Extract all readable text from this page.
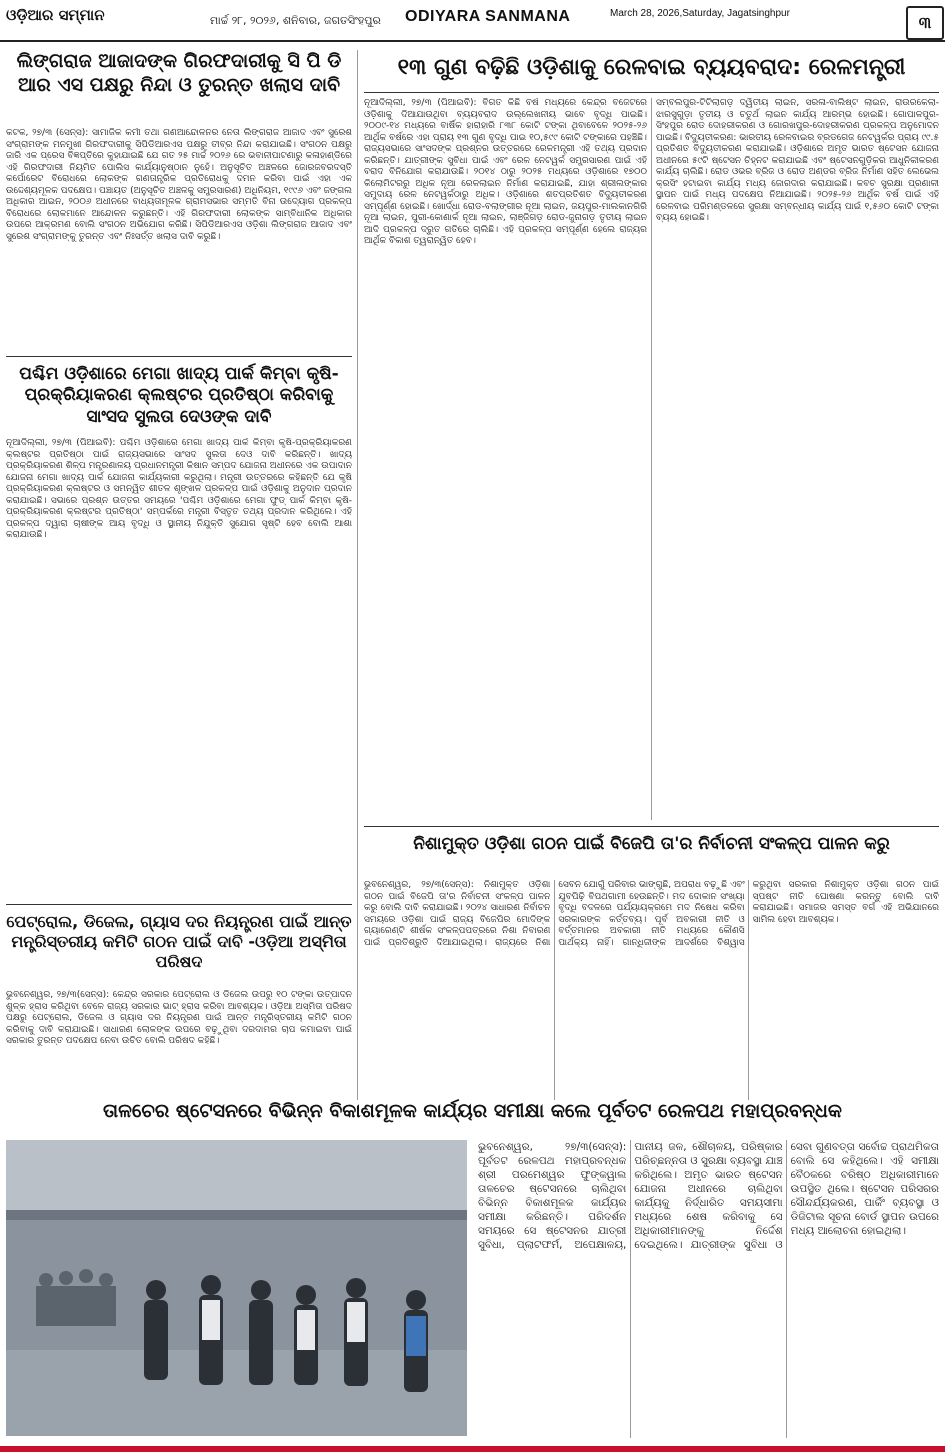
ଓଡ଼ିଆର ସମ୍ମାନ	ମାର୍ଚ୍ଚ ୨୮, ୨୦୨୬, ଶନିବାର, ଜଗତସିଂହପୁର ODIYARA SANMANA	March 28, 2026,Saturday, Jagatsinghpur	୩
ଲିଙ୍ଗରାଜ ଆଜାଦଙ୍କ ଗିରଫଦାରୀକୁ ସି ପି ଡି ଆର ଏସ ପକ୍ଷରୁ ନିନ୍ଦା ଓ ତୁରନ୍ତ ଖଲାସ ଦାବି
କଟକ, ୨୭/୩ (ସେନ୍ସ): ସାମାଜିକ କର୍ମୀ ତଥା ଗଣଆନ୍ଦୋଳନର ନେତା ଲିଙ୍ଗରାଜ ଆଜାଦ ଏବଂ ସୁରେଶ ସଂଗ୍ରାମଙ୍କ ମନମୁଖୀ ଗିରଫଦାରୀକୁ ସିପିଡିଆରଏସ ପକ୍ଷରୁ ତୀବ୍ର ନିନ୍ଦା କରାଯାଇଛି। ସଂଗଠନ ପକ୍ଷରୁ ଜାରି ଏକ ପ୍ରେସ ବିଜ୍ଞପ୍ତିରେ କୁହାଯାଇଛି ଯେ ଗତ ୨୫ ମାର୍ଚ୍ଚ ୨୦୨୬ ରେ ଭବାନୀପାଟଣାରୁ କଳାହାଣ୍ଡିରେ ଏହି ଗିରଫଦାରୀ ନିୟମିତ ପୋଲିସ କାର୍ଯ୍ୟାନୁଷ୍ଠାନ ନୁହେଁ। ଅନୁସୂଚିତ ଅଞ୍ଚଳରେ ଜୋରଜବରଦସ୍ତି କର୍ପୋରେଟ ବିରୋଧରେ ଲୋକଙ୍କ ଗଣତାନ୍ତ୍ରିକ ପ୍ରତିରୋଧକୁ ଦମନ କରିବା ପାଇଁ ଏହା ଏକ ଉଦ୍ଦେଶ୍ୟମୂଳକ ପଦକ୍ଷେପ। ପଞ୍ଚାୟତ (ଅନୁସୂଚିତ ଅଞ୍ଚଳକୁ ସମ୍ପ୍ରସାରଣ) ଅଧିନିୟମ, ୧୯୯୬ ଏବଂ ଜଙ୍ଗଲ ଅଧିକାର ଆଇନ, ୨୦୦୬ ଅଧୀନରେ ବାଧ୍ୟତାମୂଳକ ଗ୍ରାମସଭାର ସମ୍ମତି ବିନା ଉଦ୍ୟୋଗ ପ୍ରକଳ୍ପ ବିରୋଧରେ ଲୋକମାନେ ଆନ୍ଦୋଳନ କରୁଛନ୍ତି। ଏହି ଗିରଫଦାରୀ ଲୋକଙ୍କ ସାମ୍ବିଧାନିକ ଅଧିକାର ଉପରେ ଆକ୍ରମଣ ବୋଲି ସଂଗଠନ ଅଭିଯୋଗ କରିଛି। ସିପିଡିଆରଏସ ଓଡ଼ିଶା ଲିଙ୍ଗରାଜ ଆଜାଦ ଏବଂ ସୁରେଶ ସଂଗ୍ରାମଙ୍କୁ ତୁରନ୍ତ ଏବଂ ନିଃସର୍ତ୍ତ ଖଲାସ ଦାବି କରୁଛି।
ପଶ୍ଚିମ ଓଡ଼ିଶାରେ ମେଗା ଖାଦ୍ୟ ପାର୍କ କିମ୍ବା କୃଷି-ପ୍ରକ୍ରିୟାକରଣ କ୍ଲଷ୍ଟର ପ୍ରତିଷ୍ଠା କରିବାକୁ ସାଂସଦ ସୁଲତା ଦେଓଙ୍କ ଦାବି
ନୂଆଦିଲ୍ଲୀ, ୨୭/୩ (ପିଆଇବି): ପଶ୍ଚିମ ଓଡ଼ିଶାରେ ମେଗା ଖାଦ୍ୟ ପାର୍କ କିମ୍ବା କୃଷି-ପ୍ରକ୍ରିୟାକରଣ କ୍ଲଷ୍ଟର ପ୍ରତିଷ୍ଠା ପାଇଁ ରାଜ୍ୟସଭାରେ ସାଂସଦ ସୁଲତା ଦେଓ ଦାବି କରିଛନ୍ତି। ଖାଦ୍ୟ ପ୍ରକ୍ରିୟାକରଣ ଶିଳ୍ପ ମନ୍ତ୍ରଣାଳୟ ପ୍ରଧାନମନ୍ତ୍ରୀ କିଷାନ ସମ୍ପଦ ଯୋଜନା ଅଧୀନରେ ଏକ ଉପାଦାନ ଯୋଜନା ମେଗା ଖାଦ୍ୟ ପାର୍କ ଯୋଜନା କାର୍ଯ୍ୟକାରୀ କରୁଥିଲା। ମନ୍ତ୍ରୀ ଉତ୍ତରରେ କହିଛନ୍ତି ଯେ କୃଷି ପ୍ରକ୍ରିୟାକରଣ କ୍ଲଷ୍ଟର ଓ ସମନ୍ୱିତ ଶୀତଳ ଶୃଙ୍ଖଳ ପ୍ରକଳ୍ପ ପାଇଁ ଓଡ଼ିଶାକୁ ଅନୁଦାନ ପ୍ରଦାନ କରାଯାଇଛି। ସଭାରେ ପ୍ରଶ୍ନ ଉତ୍ତର ସମୟରେ 'ପଶ୍ଚିମ ଓଡ଼ିଶାରେ ମେଗା ଫୁଡ୍ ପାର୍କ କିମ୍ବା କୃଷି-ପ୍ରକ୍ରିୟାକରଣ କ୍ଲଷ୍ଟର ପ୍ରତିଷ୍ଠା' ସମ୍ପର୍କରେ ମନ୍ତ୍ରୀ ବିସ୍ତୃତ ତଥ୍ୟ ପ୍ରଦାନ କରିଥିଲେ। ଏହି ପ୍ରକଳ୍ପ ଦ୍ୱାରା ଚାଷୀଙ୍କ ଆୟ ବୃଦ୍ଧି ଓ ସ୍ଥାନୀୟ ନିଯୁକ୍ତି ସୁଯୋଗ ସୃଷ୍ଟି ହେବ ବୋଲି ଆଶା କରାଯାଉଛି।
ପେଟ୍ରୋଲ, ଡିଜେଲ, ଗ୍ୟାସ ଦର ନିୟନ୍ତ୍ରଣ ପାଇଁ ଆନ୍ତ ମନ୍ତ୍ରିସ୍ତରୀୟ କମିଟି ଗଠନ ପାଇଁ ଦାବି -ଓଡ଼ିଆ ଅସ୍ମିତା ପରିଷଦ
ଭୁବନେଶ୍ୱର, ୨୭/୩(ସେନ୍ସ): କେନ୍ଦ୍ର ସରକାର ପେଟ୍ରୋଲ ଓ ଡିଜେଲ ଉପରୁ ୧୦ ଟଙ୍କା ଉତ୍ପାଦନ ଶୁଳ୍କ ହ୍ରାସ କରିଥିବା ବେଳେ ରାଜ୍ୟ ସରକାର ଭାଟ୍ ହ୍ରାସ କରିବା ଆବଶ୍ୟକ। ଓଡ଼ିଆ ଅସ୍ମିତା ପରିଷଦ ପକ୍ଷରୁ ପେଟ୍ରୋଲ, ଡିଜେଲ ଓ ଗ୍ୟାସ ଦର ନିୟନ୍ତ୍ରଣ ପାଇଁ ଆନ୍ତ ମନ୍ତ୍ରିସ୍ତରୀୟ କମିଟି ଗଠନ କରିବାକୁ ଦାବି କରାଯାଇଛି। ସାଧାରଣ ଲୋକଙ୍କ ଉପରେ ବଢ଼ୁଥିବା ଦରଦାମର ଚାପ କମାଇବା ପାଇଁ ସରକାର ତୁରନ୍ତ ପଦକ୍ଷେପ ନେବା ଉଚିତ ବୋଲି ପରିଷଦ କହିଛି।
୧୩ ଗୁଣ ବଢ଼ିଛି ଓଡ଼ିଶାକୁ ରେଳବାଇ ବ୍ୟୟବରାଦ: ରେଳମନ୍ତ୍ରୀ
ନୂଆଦିଲ୍ଲୀ, ୨୭/୩ (ପିଆଇବି): ବିଗତ କିଛି ବର୍ଷ ମଧ୍ୟରେ କେନ୍ଦ୍ର ବଜେଟରେ ଓଡ଼ିଶାକୁ ଦିଆଯାଉଥିବା ବ୍ୟୟବରାଦ ଉଲ୍ଲେଖନୀୟ ଭାବେ ବୃଦ୍ଧି ପାଇଛି। ୨୦୦୯-୧୪ ମଧ୍ୟରେ ବାର୍ଷିକ ହାରାହାରି ୮୩୮ କୋଟି ଟଙ୍କା ଥିବାବେଳେ ୨୦୨୫-୨୬ ଆର୍ଥିକ ବର୍ଷରେ ଏହା ପ୍ରାୟ ୧୩ ଗୁଣ ବୃଦ୍ଧି ପାଇ ୧୦,୫୯୯ କୋଟି ଟଙ୍କାରେ ପହଞ୍ଚିଛି। ରାଜ୍ୟସଭାରେ ସାଂସଦଙ୍କ ପ୍ରଶ୍ନର ଉତ୍ତରରେ ରେଳମନ୍ତ୍ରୀ ଏହି ତଥ୍ୟ ପ୍ରଦାନ କରିଛନ୍ତି। ଯାତ୍ରୀଙ୍କ ସୁବିଧା ପାଇଁ ଏବଂ ରେଳ ନେଟୱର୍କ ସମ୍ପ୍ରସାରଣ ପାଇଁ ଏହି ବରାଦ ବିନିଯୋଗ କରାଯାଉଛି। ୨୦୧୪ ଠାରୁ ୨୦୨୫ ମଧ୍ୟରେ ଓଡ଼ିଶାରେ ୧୭୦୦ କିଲୋମିଟରରୁ ଅଧିକ ନୂଆ ରେଳଲାଇନ ନିର୍ମାଣ କରାଯାଇଛି, ଯାହା ଶ୍ରୀଲଙ୍କାର ସମୁଦାୟ ରେଳ ନେଟୱର୍କଠାରୁ ଅଧିକ। ଓଡ଼ିଶାରେ ଶତପ୍ରତିଶତ ବିଦ୍ୟୁତୀକରଣ ସମ୍ପୂର୍ଣ୍ଣ ହୋଇଛି। ଖୋର୍ଦ୍ଧା ରୋଡ-ବଲାଙ୍ଗୀର ନୂଆ ଲାଇନ, ଜୟପୁର-ମାଲକାନଗିରି ନୂଆ ଲାଇନ, ପୁରୀ-କୋଣାର୍କ ନୂଆ ଲାଇନ, ଲାଞ୍ଜିଗଡ଼ ରୋଡ-ଜୁନାଗଡ଼ ତୃତୀୟ ଲାଇନ ଆଦି ପ୍ରକଳ୍ପ ଦ୍ରୁତ ଗତିରେ ଚାଲିଛି। ଏହି ପ୍ରକଳ୍ପ ସମ୍ପୂର୍ଣ୍ଣ ହେଲେ ରାଜ୍ୟର ଆର୍ଥିକ ବିକାଶ ତ୍ୱରାନ୍ୱିତ ହେବ।
ସମ୍ବଲପୁର-ଟିଟିଲାଗଡ଼ ଦ୍ୱିତୀୟ ଲାଇନ, ସରଳା-ବାଲିଷ୍ଟ ଲାଇନ, ରାଉରକେଲା-ଝାରସୁଗୁଡ଼ା ତୃତୀୟ ଓ ଚତୁର୍ଥ ଲାଇନ କାର୍ଯ୍ୟ ଆରମ୍ଭ ହୋଇଛି। ଗୋପାଳପୁର-ସିଂହପୁର ରୋଡ ଦୋହରୀକରଣ ଓ ଗୋରଖପୁର-ଦୋହରୀକରଣ ପ୍ରକଳ୍ପ ଅନୁମୋଦନ ପାଇଛି। ବିଦ୍ୟୁତୀକରଣ: ଭାରତୀୟ ରେଳବାଇର ବ୍ରଡଗେଜ ନେଟୱର୍କର ପ୍ରାୟ ୯୯.୫ ପ୍ରତିଶତ ବିଦ୍ୟୁତୀକରଣ କରାଯାଇଛି। ଓଡ଼ିଶାରେ ଅମୃତ ଭାରତ ଷ୍ଟେସନ ଯୋଜନା ଅଧୀନରେ ୫୯ଟି ଷ୍ଟେସନ ଚିହ୍ନଟ କରାଯାଇଛି ଏବଂ ଷ୍ଟେସନଗୁଡ଼ିକର ଆଧୁନିକୀକରଣ କାର୍ଯ୍ୟ ଚାଲିଛି। ରୋଡ ଓଭର ବ୍ରିଜ ଓ ରୋଡ ଅଣ୍ଡର ବ୍ରିଜ ନିର୍ମାଣ ସହିତ ଲେଭେଲ କ୍ରସିଂ ହଟାଇବା କାର୍ଯ୍ୟ ମଧ୍ୟ ଜୋରଦାର କରାଯାଇଛି। କବଚ ସୁରକ୍ଷା ପ୍ରଣାଳୀ ସ୍ଥାପନ ପାଇଁ ମଧ୍ୟ ପଦକ୍ଷେପ ନିଆଯାଇଛି। ୨୦୨୫-୨୬ ଆର୍ଥିକ ବର୍ଷ ପାଇଁ ଏହି ରେଳବାଇ ପରିମଣ୍ଡଳରେ ସୁରକ୍ଷା ସମ୍ବନ୍ଧୀୟ କାର୍ଯ୍ୟ ପାଇଁ ୧,୫୬୦ କୋଟି ଟଙ୍କା ବ୍ୟୟ ହୋଇଛି।
ନିଶାମୁକ୍ତ ଓଡ଼ିଶା ଗଠନ ପାଇଁ ବିଜେପି ତା'ର ନିର୍ବାଚନୀ ସଂକଳ୍ପ ପାଳନ କରୁ
ଭୁବନେଶ୍ୱର, ୨୭/୩(ସେନ୍ସ): ନିଶାମୁକ୍ତ ଓଡ଼ିଶା ଗଠନ ପାଇଁ ବିଜେପି ତା'ର ନିର୍ବାଚନୀ ସଂକଳ୍ପ ପାଳନ କରୁ ବୋଲି ଦାବି କରାଯାଇଛି। ୨୦୨୪ ସାଧାରଣ ନିର୍ବାଚନ ସମୟରେ ଓଡ଼ିଶା ପାଇଁ ରାଜ୍ୟ ବିଜେପିର ମୋଦିଙ୍କ ଗ୍ୟାରେଣ୍ଟି ଶୀର୍ଷକ ସଂକଳ୍ପପତ୍ରରେ ନିଶା ନିବାରଣ ପାଇଁ ପ୍ରତିଶ୍ରୁତି ଦିଆଯାଇଥିଲା। ରାଜ୍ୟରେ ନିଶା ସେବନ ଯୋଗୁଁ ପରିବାର ଭାଙ୍ଗୁଛି, ଅପରାଧ ବଢ଼ୁଛି ଏବଂ ଯୁବପିଢ଼ି ବିପଥଗାମୀ ହେଉଛନ୍ତି। ମଦ ଦୋକାନ ସଂଖ୍ୟା ବୃଦ୍ଧି ବଦଳରେ ପର୍ଯ୍ୟାୟକ୍ରମେ ମଦ ନିଷେଧ କରିବା ସରକାରଙ୍କ କର୍ତ୍ତବ୍ୟ। ପୂର୍ବ ଅବକାରୀ ନୀତି ଓ ବର୍ତ୍ତମାନର ଅବକାରୀ ନୀତି ମଧ୍ୟରେ କୌଣସି ପାର୍ଥକ୍ୟ ନାହିଁ। ଗାନ୍ଧିଜୀଙ୍କ ଆଦର୍ଶରେ ବିଶ୍ୱାସ କରୁଥିବା ସରକାର ନିଶାମୁକ୍ତ ଓଡ଼ିଶା ଗଠନ ପାଇଁ ସ୍ପଷ୍ଟ ନୀତି ଘୋଷଣା କରନ୍ତୁ ବୋଲି ଦାବି କରାଯାଇଛି। ସମାଜର ସମସ୍ତ ବର୍ଗ ଏହି ଅଭିଯାନରେ ସାମିଲ ହେବା ଆବଶ୍ୟକ।
ତାଳଚେର ଷ୍ଟେସନରେ ବିଭିନ୍ନ ବିକାଶମୂଳକ କାର୍ଯ୍ୟର ସମୀକ୍ଷା କଲେ ପୂର୍ବତଟ ରେଳପଥ ମହାପ୍ରବନ୍ଧକ
ଭୁବନେଶ୍ୱର, ୨୭/୩(ସେନ୍ସ): ପୂର୍ବତଟ ରେଳପଥ ମହାପ୍ରବନ୍ଧକ ଶ୍ରୀ ପରମେଶ୍ୱର ଫୁଙ୍କୱାଲ ତାଳଚେର ଷ୍ଟେସନରେ ଚାଲିଥିବା ବିଭିନ୍ନ ବିକାଶମୂଳକ କାର୍ଯ୍ୟର ସମୀକ୍ଷା କରିଛନ୍ତି। ପରିଦର୍ଶନ ସମୟରେ ସେ ଷ୍ଟେସନର ଯାତ୍ରୀ ସୁବିଧା, ପ୍ଲାଟଫର୍ମ, ଅପେକ୍ଷାଳୟ, ପାନୀୟ ଜଳ, ଶୌଚାଳୟ, ପରିଷ୍କାର ପରିଚ୍ଛନ୍ନତା ଓ ସୁରକ୍ଷା ବ୍ୟବସ୍ଥା ଯାଞ୍ଚ କରିଥିଲେ। ଅମୃତ ଭାରତ ଷ୍ଟେସନ ଯୋଜନା ଅଧୀନରେ ଚାଲିଥିବା କାର୍ଯ୍ୟକୁ ନିର୍ଦ୍ଧାରିତ ସମୟସୀମା ମଧ୍ୟରେ ଶେଷ କରିବାକୁ ସେ ଅଧିକାରୀମାନଙ୍କୁ ନିର୍ଦ୍ଦେଶ ଦେଇଥିଲେ। ଯାତ୍ରୀଙ୍କ ସୁବିଧା ଓ ସେବା ଗୁଣବତ୍ତା ସର୍ବୋଚ୍ଚ ପ୍ରାଥମିକତା ବୋଲି ସେ କହିଥିଲେ। ଏହି ସମୀକ୍ଷା ବୈଠକରେ ବରିଷ୍ଠ ଅଧିକାରୀମାନେ ଉପସ୍ଥିତ ଥିଲେ। ଷ୍ଟେସନ ପରିସରର ସୌନ୍ଦର୍ଯ୍ୟକରଣ, ପାର୍କିଂ ବ୍ୟବସ୍ଥା ଓ ଡିଜିଟାଲ ସୂଚନା ବୋର୍ଡ ସ୍ଥାପନ ଉପରେ ମଧ୍ୟ ଆଲୋଚନା ହୋଇଥିଲା।
